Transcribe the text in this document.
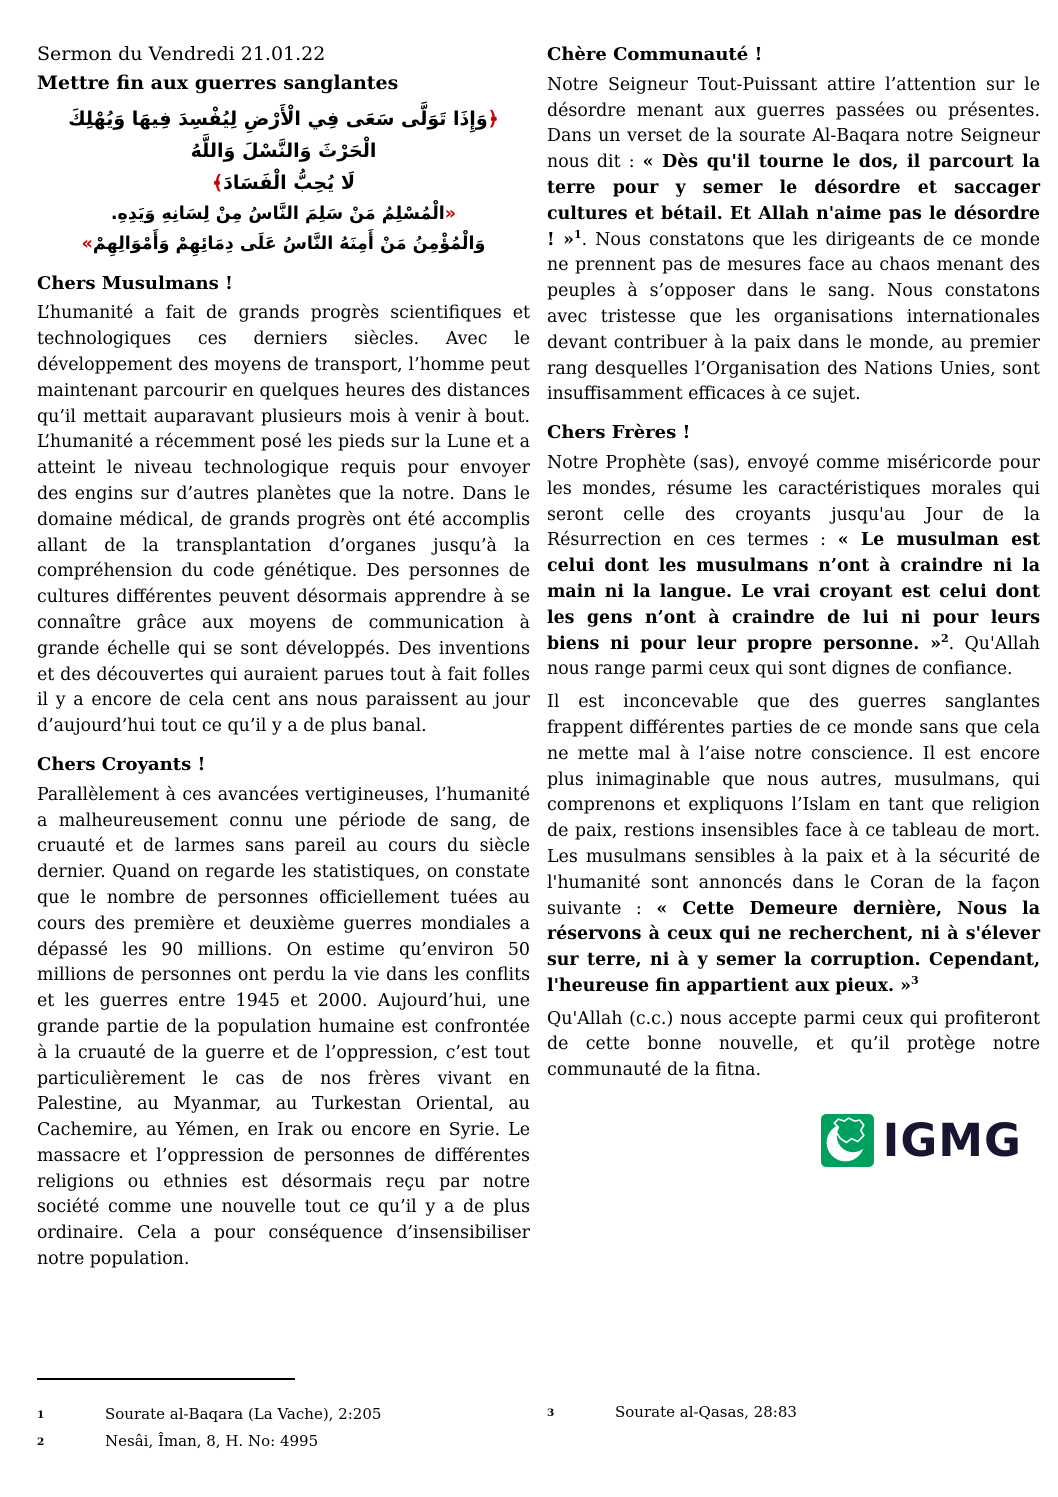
Sermon du Vendredi 21.01.22
Mettre fin aux guerres sanglantes
﴿وَإِذَا تَوَلَّى سَعَى فِي الْأَرْضِ لِيُفْسِدَ فِيهَا وَيُهْلِكَ الْحَرْثَ وَالنَّسْلَ وَاللَّهُ
لَا يُحِبُّ الْفَسَادَ﴾
«الْمُسْلِمُ مَنْ سَلِمَ النَّاسُ مِنْ لِسَانِهِ وَيَدِهِ.
وَالْمُؤْمِنُ مَنْ أَمِنَهُ النَّاسُ عَلَى دِمَائِهِمْ وَأَمْوَالِهِمْ»
Chers Musulmans !

L’humanité a fait de grands progrès scientifiques et technologiques ces derniers siècles. Avec le développement des moyens de transport, l’homme peut maintenant parcourir en quelques heures des distances qu’il mettait auparavant plusieurs mois à venir à bout. L’humanité a récemment posé les pieds sur la Lune et a atteint le niveau technologique requis pour envoyer des engins sur d’autres planètes que la notre. Dans le domaine médical, de grands progrès ont été accomplis allant de la transplantation d’organes jusqu’à la compréhension du code génétique. Des personnes de cultures différentes peuvent désormais apprendre à se connaître grâce aux moyens de communication à grande échelle qui se sont développés. Des inventions et des découvertes qui auraient parues tout à fait folles il y a encore de cela cent ans nous paraissent au jour d’aujourd’hui tout ce qu’il y a de plus banal.

Chers Croyants !

Parallèlement à ces avancées vertigineuses, l’humanité a malheureusement connu une période de sang, de cruauté et de larmes sans pareil au cours du siècle dernier. Quand on regarde les statistiques, on constate que le nombre de personnes officiellement tuées au cours des première et deuxième guerres mondiales a dépassé les 90 millions. On estime qu’environ 50 millions de personnes ont perdu la vie dans les conflits et les guerres entre 1945 et 2000. Aujourd’hui, une grande partie de la population humaine est confrontée à la cruauté de la guerre et de l’oppression, c’est tout particulièrement le cas de nos frères vivant en Palestine, au Myanmar, au Turkestan Oriental, au Cachemire, au Yémen, en Irak ou encore en Syrie. Le massacre et l’oppression de personnes de différentes religions ou ethnies est désormais reçu par notre société comme une nouvelle tout ce qu’il y a de plus ordinaire. Cela a pour conséquence d’insensibiliser notre population.

Chère Communauté !

Notre Seigneur Tout-Puissant attire l’attention sur le désordre menant aux guerres passées ou présentes. Dans un verset de la sourate Al-Baqara notre Seigneur nous dit : « Dès qu'il tourne le dos, il parcourt la terre pour y semer le désordre et saccager cultures et bétail. Et Allah n'aime pas le désordre ! »$^1$. Nous constatons que les dirigeants de ce monde ne prennent pas de mesures face au chaos menant des peuples à s’opposer dans le sang. Nous constatons avec tristesse que les organisations internationales devant contribuer à la paix dans le monde, au premier rang desquelles l’Organisation des Nations Unies, sont insuffisamment efficaces à ce sujet.

Chers Frères !

Notre Prophète (sas), envoyé comme miséricorde pour les mondes, résume les caractéristiques morales qui seront celle des croyants jusqu'au Jour de la Résurrection en ces termes : « Le musulman est celui dont les musulmans n’ont à craindre ni la main ni la langue. Le vrai croyant est celui dont les gens n’ont à craindre de lui ni pour leurs biens ni pour leur propre personne. »$^2$. Qu'Allah nous range parmi ceux qui sont dignes de confiance.

Il est inconcevable que des guerres sanglantes frappent différentes parties de ce monde sans que cela ne mette mal à l’aise notre conscience. Il est encore plus inimaginable que nous autres, musulmans, qui comprenons et expliquons l’Islam en tant que religion de paix, restions insensibles face à ce tableau de mort. Les musulmans sensibles à la paix et à la sécurité de l'humanité sont annoncés dans le Coran de la façon suivante : « Cette Demeure dernière, Nous la réservons à ceux qui ne recherchent, ni à s'élever sur terre, ni à y semer la corruption. Cependant, l'heureuse fin appartient aux pieux. »$^3$

Qu'Allah (c.c.) nous accepte parmi ceux qui profiteront de cette bonne nouvelle, et qu’il protège notre communauté de la fitna.

IGMG
1	Sourate al-Baqara (La Vache), 2:205
2	Nesâi, Îman, 8, H. No: 4995
3	Sourate al-Qasas, 28:83
